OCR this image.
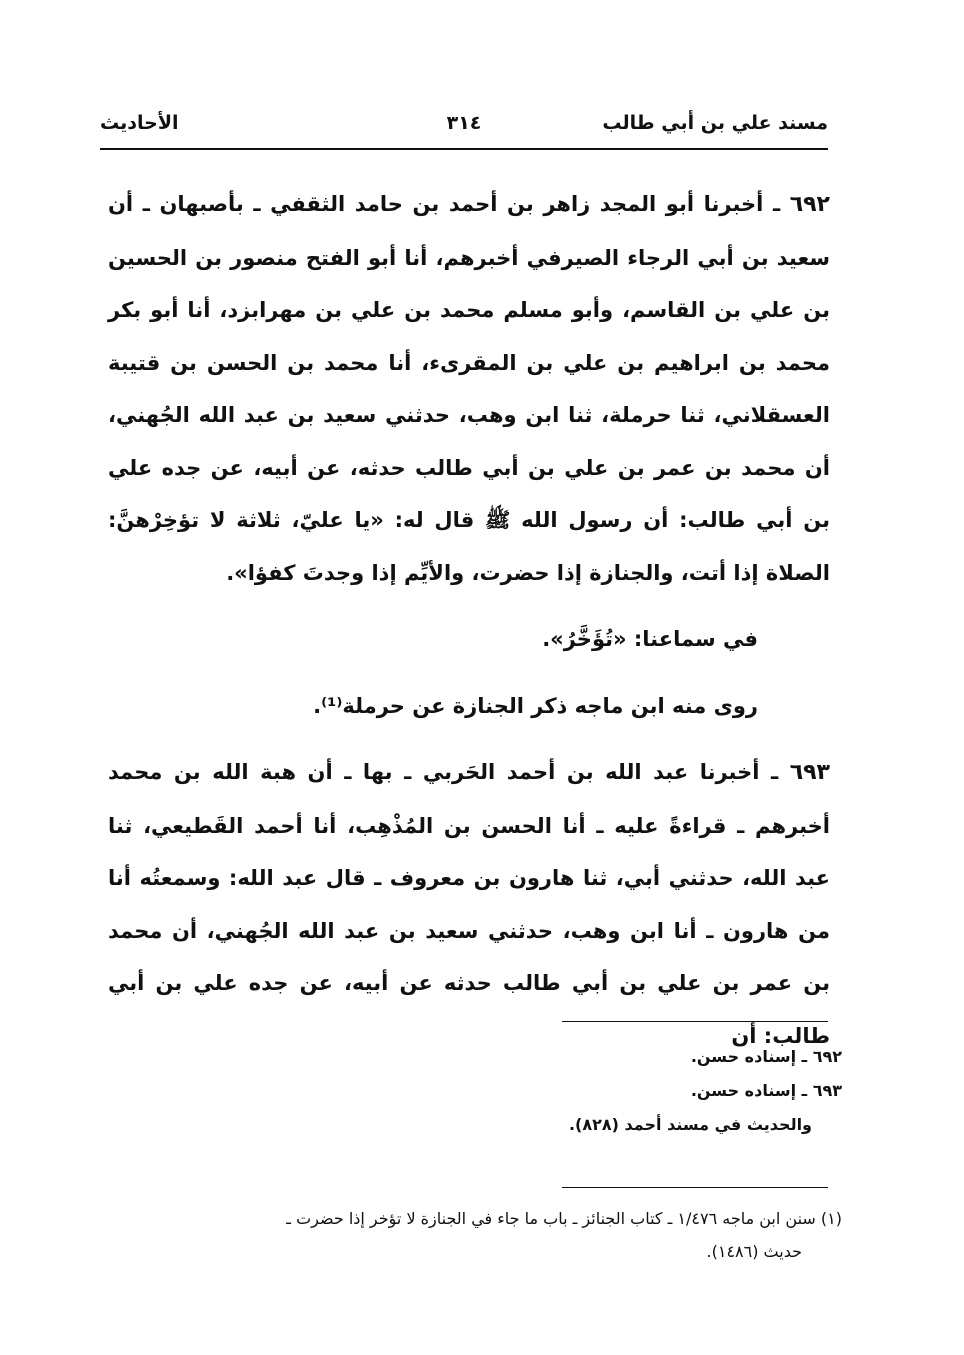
مسند علي بن أبي طالب
٣١٤
الأحاديث

٦٩٢ ـ أخبرنا أبو المجد زاهر بن أحمد بن حامد الثقفي ـ بأصبهان ـ أن سعيد بن أبي الرجاء الصيرفي أخبرهم، أنا أبو الفتح منصور بن الحسين بن علي بن القاسم، وأبو مسلم محمد بن علي بن مهرابزد، أنا أبو بكر محمد بن ابراهيم بن علي بن المقرىء، أنا محمد بن الحسن بن قتيبة العسقلاني، ثنا حرملة، ثنا ابن وهب، حدثني سعيد بن عبد الله الجُهني، أن محمد بن عمر بن علي بن أبي طالب حدثه، عن أبيه، عن جده علي بن أبي طالب: أن رسول الله ﷺ قال له: «يا عليّ، ثلاثة لا تؤخِرْهنَّ: الصلاة إذا أتت، والجنازة إذا حضرت، والأيِّم إذا وجدتَ كفؤا».

في سماعنا: «تُؤَخَّرُ».

روى منه ابن ماجه ذكر الجنازة عن حرملة⁽¹⁾.

٦٩٣ ـ أخبرنا عبد الله بن أحمد الحَربي ـ بها ـ أن هبة الله بن محمد أخبرهم ـ قراءةً عليه ـ أنا الحسن بن المُذْهِب، أنا أحمد القَطيعي، ثنا عبد الله، حدثني أبي، ثنا هارون بن معروف ـ قال عبد الله: وسمعتُه أنا من هارون ـ أنا ابن وهب، حدثني سعيد بن عبد الله الجُهني، أن محمد بن عمر بن علي بن أبي طالب حدثه عن أبيه، عن جده علي بن أبي طالب: أن

٦٩٢ ـ إسناده حسن.

٦٩٣ ـ إسناده حسن.

والحديث في مسند أحمد (٨٢٨).

(١) سنن ابن ماجه ١/٤٧٦ ـ كتاب الجنائز ـ باب ما جاء في الجنازة لا تؤخر إذا حضرت ـ

حديث (١٤٨٦).
